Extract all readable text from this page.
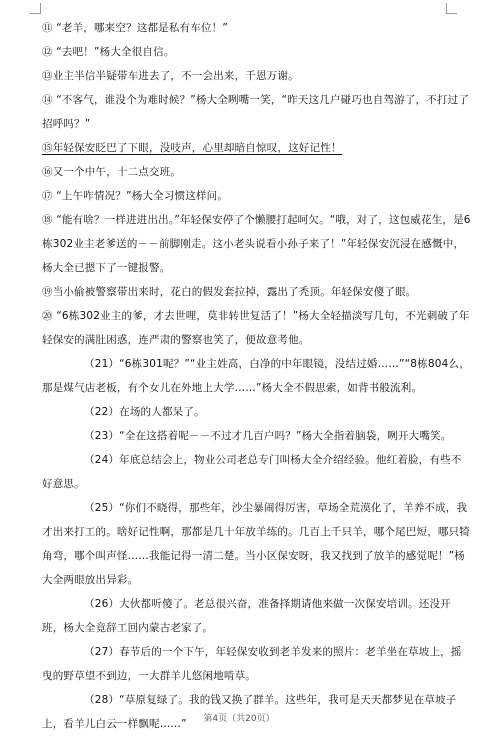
⑪ “老羊，哪来空？这都是私有车位！”

⑫ “去吧！”杨大全很自信。

⑬业主半信半疑带车进去了，不一会出来，千恩万谢。

⑭ “不客气，谁没个为难时候？”杨大全咧嘴一笑，“昨天这几户碰巧也自驾游了，不打过了招呼吗？”

⑮年轻保安眨巴了下眼，没吱声，心里却暗自惊叹，这好记性！

⑯又一个中午，十二点交班。

⑰ “上午咋情况？”杨大全习惯这样问。

⑱ “能有啥？一样进进出出。”年轻保安停了个懒腰打起呵欠。“哦，对了，这包威花生，是6栋302业主老爹送的－－前脚刚走。这小老头说看小孙子来了！”年轻保安沉浸在感慨中，杨大全已摁下了一键报警。

⑲当小偷被警察带出来时，花白的假发套拉掉，露出了秃顶。年轻保安傻了眼。

⑳ “6栋302业主的爹，才去世哩，莫非转世复活了！”杨大全轻描淡写几句，不光刺破了年轻保安的满肚困惑，连严肃的警察也笑了，便故意考他。

（21）“6栋301呢？”“业主姓高，白净的中年眼镜，没结过婚……”“8栋804么，那是煤气店老板，有个女儿在外地上大学……”杨大全不假思索，如背书般流利。

（22）在场的人都呆了。

（23）“全在这搭着呢－－不过才几百户吗？”杨大全指着脑袋，咧开大嘴笑。

（24）年底总结会上，物业公司老总专门叫杨大全介绍经验。他红着脸，有些不好意思。

（25）“你们不晓得，那些年，沙尘暴闹得厉害，草场全荒漠化了，羊养不成，我才出来打工的。啥好记性啊，那都是几十年放羊练的。几百上千只羊，哪个尾巴短，哪只犄角弯，哪个叫声怪……我能记得一清二楚。当小区保安呀，我又找到了放羊的感觉呢！”杨大全两眼放出异彩。

（26）大伙都听傻了。老总很兴奋，准备择期请他来做一次保安培训。还没开班，杨大全竟辞工回内蒙古老家了。

（27）春节后的一个下午，年轻保安收到老羊发来的照片：老羊坐在草坡上，摇曳的野草望不到边，一大群羊儿悠闲地啃草。

（28）“草原复绿了。我的钱又换了群羊。这些年，我可是天天都梦见在草坡子上，看羊儿白云一样飘呢……”	第4页（共20页）
